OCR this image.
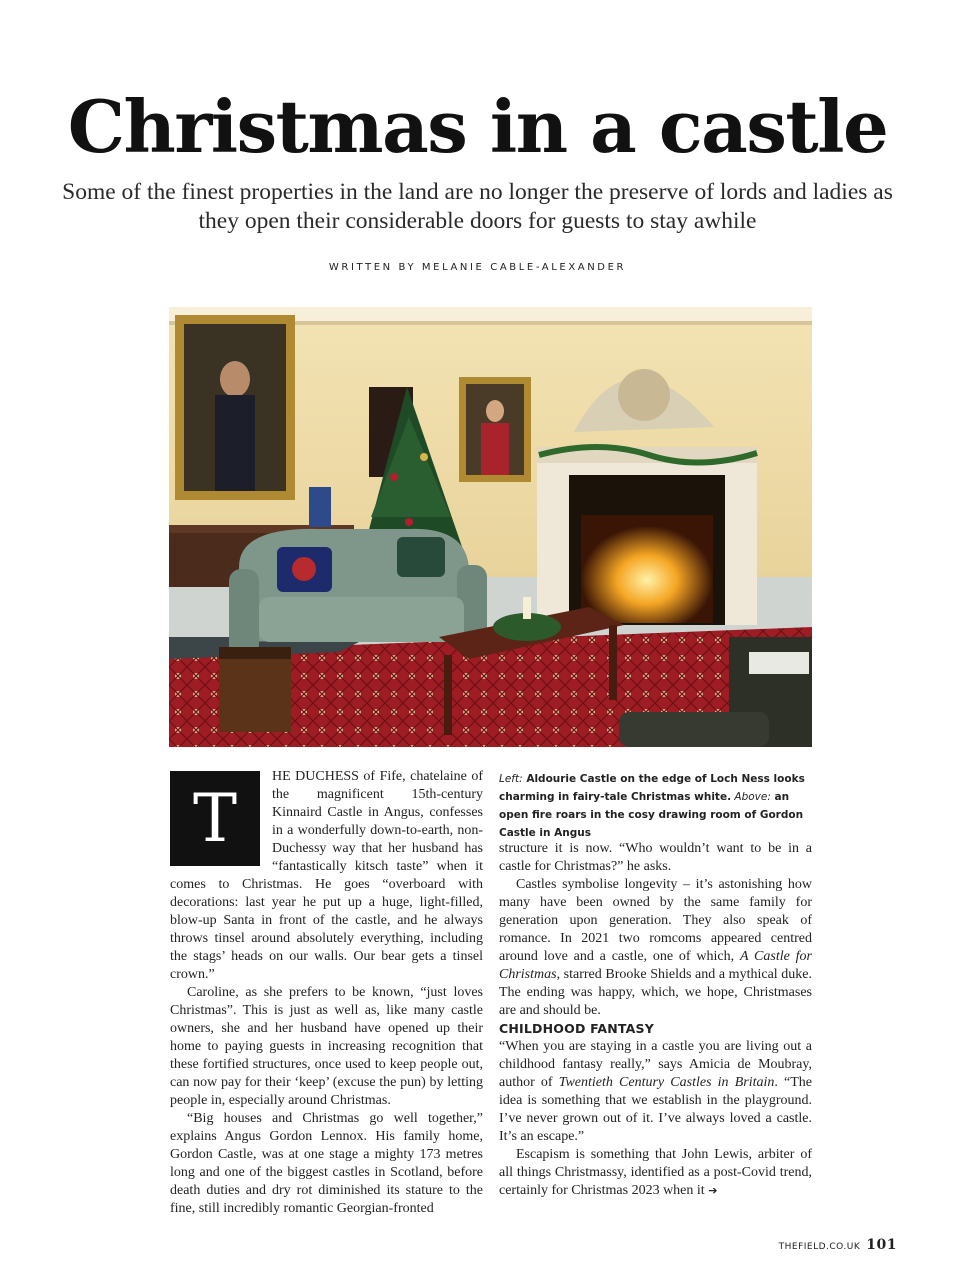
Christmas in a castle

Some of the finest properties in the land are no longer the preserve of lords and ladies as they open their considerable doors for guests to stay awhile

WRITTEN BY MELANIE CABLE-ALEXANDER
Left: Aldourie Castle on the edge of Loch Ness looks charming in fairy-tale Christmas white. Above: an open fire roars in the cosy drawing room of Gordon Castle in Angus
T

HE DUCHESS of Fife, chatelaine of the magnificent 15th-century Kinnaird Castle in Angus, confesses in a wonderfully down-to-earth, non-Duchessy way that her husband has “fantastically kitsch taste” when it comes to Christmas. He goes “overboard with decorations: last year he put up a huge, light-filled, blow-up Santa in front of the castle, and he always throws tinsel around absolutely everything, including the stags’ heads on our walls. Our bear gets a tinsel crown.”

Caroline, as she prefers to be known, “just loves Christmas”. This is just as well as, like many castle owners, she and her husband have opened up their home to paying guests in increasing recognition that these fortified structures, once used to keep people out, can now pay for their ‘keep’ (excuse the pun) by letting people in, especially around Christmas.

“Big houses and Christmas go well together,” explains Angus Gordon Lennox. His family home, Gordon Castle, was at one stage a mighty 173 metres long and one of the biggest castles in Scotland, before death duties and dry rot diminished its stature to the fine, still incredibly romantic Georgian-fronted

structure it is now. “Who wouldn’t want to be in a castle for Christmas?” he asks.

Castles symbolise longevity – it’s astonishing how many have been owned by the same family for generation upon generation. They also speak of romance. In 2021 two romcoms appeared centred around love and a castle, one of which, A Castle for Christmas, starred Brooke Shields and a mythical duke. The ending was happy, which, we hope, Christmases are and should be.

CHILDHOOD FANTASY

“When you are staying in a castle you are living out a childhood fantasy really,” says Amicia de Moubray, author of Twentieth Century Castles in Britain. “The idea is something that we establish in the playground. I’ve never grown out of it. I’ve always loved a castle. It’s an escape.”

Escapism is something that John Lewis, arbiter of all things Christmassy, identified as a post-Covid trend, certainly for Christmas 2023 when it ➔

THEFIELD.CO.UK 101
